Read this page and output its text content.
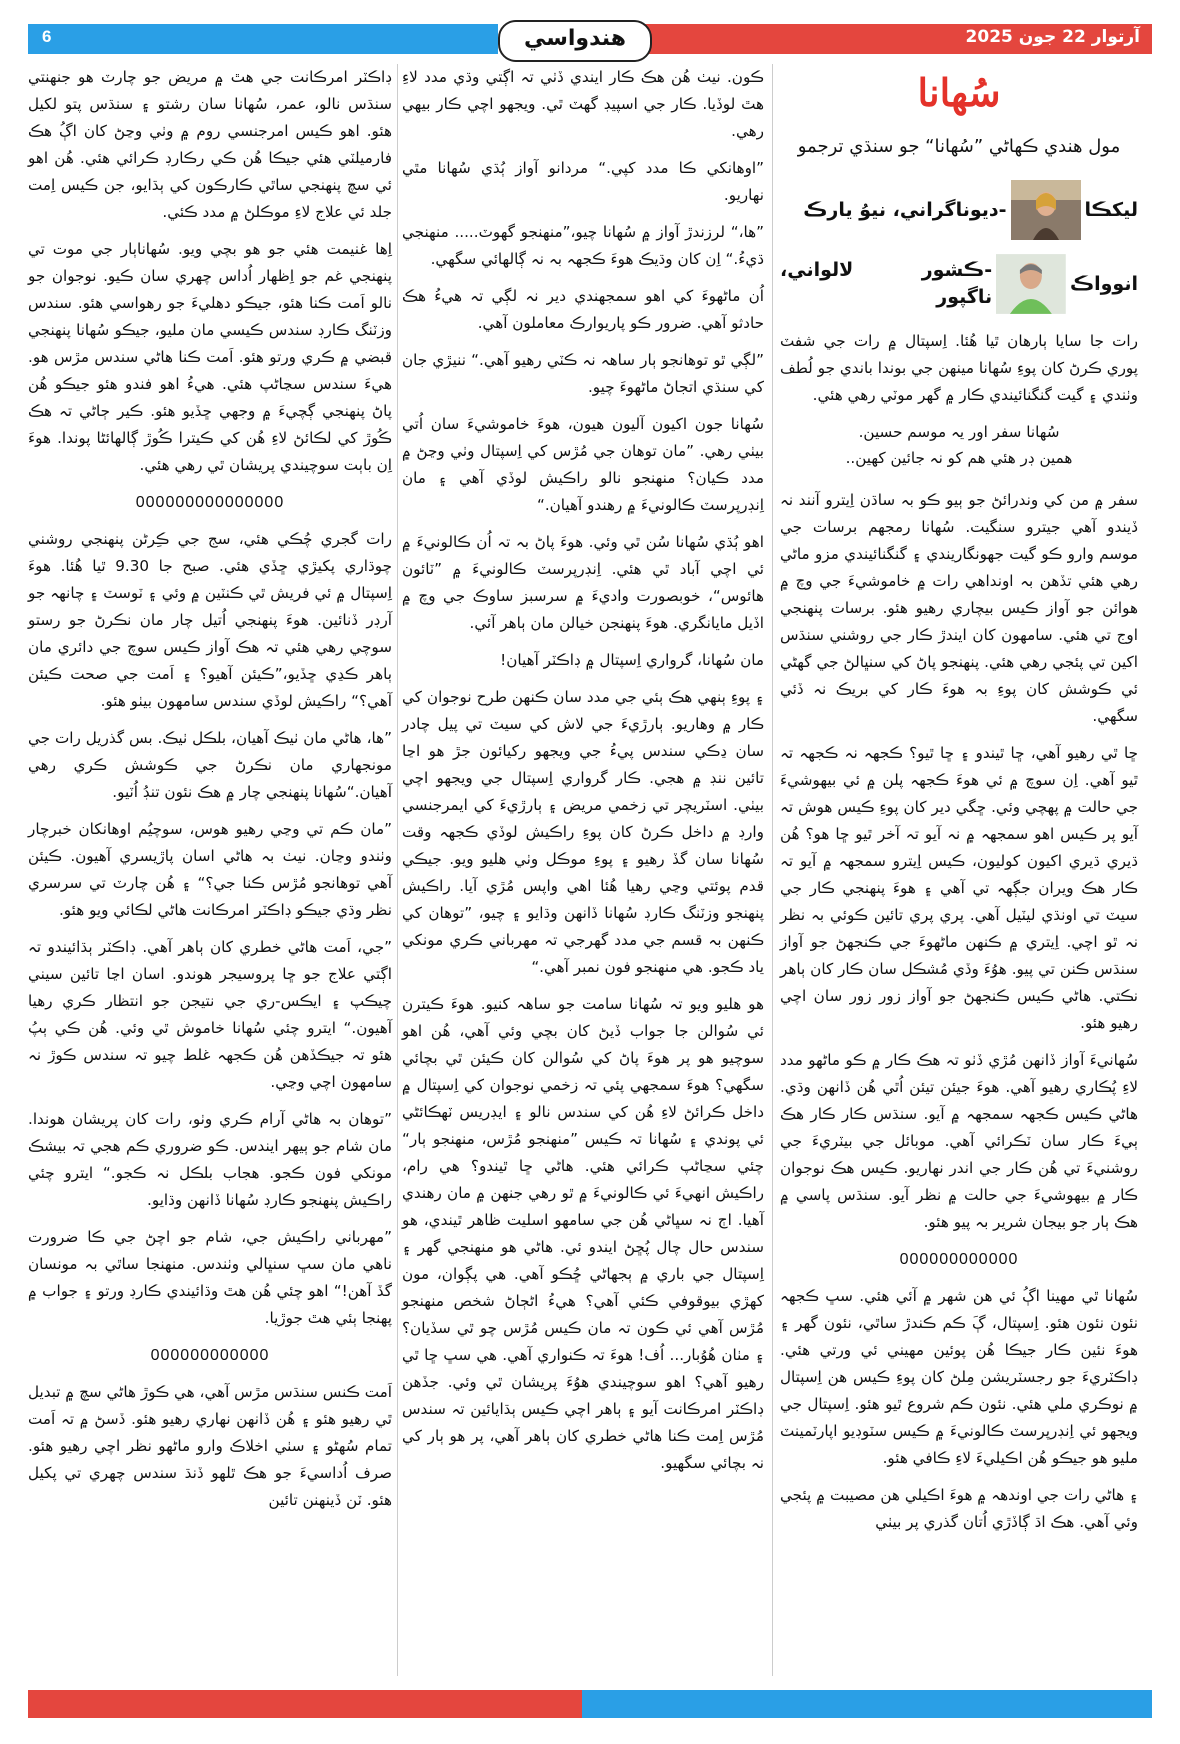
6	آرتوار 22 جون 2025
هندواسي
سُهانا
مول هندي ڪهاڻي ”سُهانا“ جو سنڌي ترجمو
ليکڪا
-ديوناگراني، نيوُ يارڪ
انوواڪ
-ڪشور لالواني، ناگپور

رات جا سايا ٻارهان ٿيا هُئا. اِسپتال ۾ رات جي شفٽ پوري ڪرڻ کان پوءِ سُهانا مينهن جي بوندا باندي جو لُطف وٺندي ۽ گيت گنگنائيندي ڪار ۾ گهر موٽي رهي هئي.

سُهانا سفر اور يہ موسم حسين.
همين ڊر هئي هم کو نہ جائين کهين..

سفر ۾ من کي وندرائڻ جو ٻيو ڪو بہ ساڌن اِيترو آنند نہ ڏيندو آهي جيترو سنگيت. سُهانا رمجهم برسات جي موسم وارو ڪو گيت جهونگاريندي ۽ گنگنائيندي مزو ماڻي رهي هئي تڏهن بہ اونداهي رات ۾ خاموشيءَ جي وچ ۾ هوائن جو آواز ڪيس بيچاري رهيو هئو. برسات پنهنجي اوج تي هئي. سامهون کان ايندڙ ڪار جي روشني سنڌس اکين تي پئجي رهي هئي. پنهنجو پاڻ کي سنڀالڻ جي گهڻي ئي ڪوشش کان پوءِ بہ هوءَ ڪار کي بريڪ نہ ڏئي سگهي.

ڇا ٿي رهيو آهي، ڇا ٿيندو ۽ ڇا ٿيو؟ ڪجهہ نہ ڪجهہ تہ ٿيو آهي. اِن سوچ ۾ ئي هوءَ ڪجهہ پلن ۾ ئي بيهوشيءَ جي حالت ۾ پهچي وئي. ڇگي دير کان پوءِ ڪيس هوش تہ آيو پر ڪيس اهو سمجهہ ۾ نہ آيو تہ آخر ٿيو ڇا هو؟ هُن ڌيري ڌيري اکيون کوليون، ڪيس اِيترو سمجهہ ۾ آيو تہ ڪار هڪ ويران جڳهہ تي آهي ۽ هوءَ پنهنجي ڪار جي سيٽ تي اونڌي ليٽيل آهي. پري پري تائين ڪوئي بہ نظر نہ ٿو اچي. اِيتري ۾ ڪنهن ماڻهوءَ جي ڪنجهڻ جو آواز سنڌس ڪنن تي پيو. هوُءَ وڏي مُشڪل سان ڪار کان ٻاهر نڪتي. هاڻي ڪيس ڪنجهڻ جو آواز زور زور سان اچي رهيو هئو.

سُهانيءَ آواز ڏانهن مُڙي ڏٺو تہ هڪ ڪار ۾ ڪو ماڻهو مدد لاءِ پُڪاري رهيو آهي. هوءَ جيئن تيئن اُٿي هُن ڏانهن وڌي. هاڻي ڪيس ڪجهہ سمجهہ ۾ آيو. سنڌس ڪار ڪار هڪ ٻيءَ ڪار سان ٽڪرائي آهي. موبائل جي بيٽريءَ جي روشنيءَ تي هُن ڪار جي اندر نهاريو. ڪيس هڪ نوجوان ڪار ۾ بيهوشيءَ جي حالت ۾ نظر آيو. سنڌس پاسي ۾ هڪ ٻار جو بيجان شرير بہ پيو هئو.

000000000000

سُهانا ٿي مهينا اڳُ ئي هن شهر ۾ آئي هئي. سڀ ڪجهہ نئون نئون هئو. اِسپتال، ڳَ ڪم ڪندڙ ساٿي، نئون گهر ۽ هوءَ نئين ڪار جيڪا هُن پوئين مهيني ئي ورتي هئي. ڊاڪٽريءَ جو رجسٽريشن مِلڻ کان پوءِ ڪيس هن اِسپتال ۾ نوڪري ملي هئي. نئون ڪم شروع ٿيو هئو. اِسپتال جي ويجهو ئي اِنڊرپرسٽ ڪالونيءَ ۾ ڪيس سٽوڊيو اپارٽمينٽ مليو هو جيڪو هُن اڪيليءَ لاءِ ڪافي هئو.

۽ هاڻي رات جي اوندهہ ۾ هوءَ اڪيلي هن مصيبت ۾ پئجي وئي آهي. هڪ اڌ ڳاڏڙي اُتان گذري پر بيٺي

ڪون. نيٺ هُن هڪ ڪار ايندي ڏٺي تہ اڳتي وڌي مدد لاءِ هٿ لوڏيا. ڪار جي اسپيڊ گهٽ ٿي. ويجهو اچي ڪار بيهي رهي.

”اوهانکي ڪا مدد کپي.“ مردانو آواز ٻُڌي سُهانا مٿي نهاريو.

”ها،“ لرزندڙ آواز ۾ سُهانا چيو،”منهنجو گهوٽ..... منهنجي ڌيءُ.“ اِن کان وڌيڪ هوءَ ڪجهہ بہ نہ ڳالهائي سگهي.

اُن ماڻهوءَ کي اهو سمجهندي دير نہ لڳي تہ هيءُ هڪ حادثو آهي. ضرور ڪو پاريوارڪ معاملون آهي.

”لڳي ٿو توهانجو ٻار ساهہ نہ ڪٽي رهيو آهي.“ ننيڙي جان کي سنڌي اتجاڻ ماڻهوءَ چيو.

سُهانا جون اکيون آليون هيون، هوءَ خاموشيءَ سان اُتي بيٺي رهي. ”مان توهان جي مُڙس کي اِسپتال وٺي وڃڻ ۾ مدد ڪيان؟ منهنجو نالو راڪيش لوڏي آهي ۽ مان اِنڊرپرسٽ ڪالونيءَ ۾ رهندو آهيان.“

اهو ٻُڌي سُهانا سُن ٿي وئي. هوءَ پاڻ بہ تہ اُن ڪالونيءَ ۾ ئي اچي آباد ٿي هئي. اِنڊرپرسٽ ڪالونيءَ ۾ ”ٽائون هائوس“، خوبصورت وادي‌ءَ ۾ سرسبز ساوڪ جي وچ ۾ اڏيل مايانگري. هوءَ پنهنجن خيالن مان ٻاهر آئي.

مان سُهانا، گرواري اِسپتال ۾ ڊاڪٽر آهيان!

۽ پوءِ ٻنهي هڪ ٻئي جي مدد سان ڪنهن طرح نوجوان کي ڪار ۾ وهاريو. ٻارڙيءَ جي لاش کي سيٽ تي پيل چادر سان ڍڪي سندس پيءُ جي ويجهو رکيائون جڙ هو اڃا تائين ننڊ ۾ هجي. ڪار گرواري اِسپتال جي ويجهو اچي بيٺي. اسٽريچر تي زخمي مريض ۽ ٻارڙيءَ کي ايمرجنسي وارڊ ۾ داخل ڪرڻ کان پوءِ راڪيش لوڏي ڪجهہ وقت سُهانا سان گڏ رهيو ۽ پوءِ موڪل وٺي هليو ويو. جيڪي قدم پوئتي وڃي رهيا هُئا اهي واپس مُڙي آيا. راڪيش پنهنجو وزٽنگ ڪارڊ سُهانا ڏانهن وڌايو ۽ چيو، ”توهان کي ڪنهن بہ قسم جي مدد گهرجي تہ مهرباني ڪري مونکي ياد ڪجو. هي منهنجو فون نمبر آهي.“

هو هليو ويو تہ سُهانا سامت جو ساهہ کنيو. هوءَ ڪيترن ئي سُوالن جا جواب ڏيڻ کان بچي وئي آهي، هُن اهو سوچيو هو پر هوءَ پاڻ کي سُوالن کان ڪيئن ٿي بچائي سگهي؟ هوءَ سمجهي پئي تہ زخمي نوجوان کي اِسپتال ۾ داخل ڪرائڻ لاءِ هُن کي سندس نالو ۽ ايڊريس ٽهڪائڻي ئي پوندي ۽ سُهانا تہ ڪيس ”منهنجو مُڙس، منهنجو ٻار“ چئي سڃاڻپ ڪرائي هئي. هاڻي ڇا ٿيندو؟ هي رام، راڪيش انهيءَ ئي ڪالونيءَ ۾ ٿو رهي جنهن ۾ مان رهندي آهيا. اڄ نہ سڀاڻي هُن جي سامهو اسليت ظاهر ٿيندي، هو سندس حال چال پُڇڻ ايندو ئي. هاڻي هو منهنجي گهر ۽ اِسپتال جي باري ۾ ٻجهاڻي ڇُڪو آهي. هي پڳوان، مون کهڙي بيوقوفي ڪئي آهي؟ هيءُ اڻڄاڻ شخص منهنجو مُڙس آهي ئي ڪون تہ مان ڪيس مُڙس چو ٿي سڏيان؟ ۽ مٺان هُوُبار... اُف! هوءَ تہ ڪنواري آهي. هي سڀ ڇا ٿي رهيو آهي؟ اهو سوچيندي هوُءَ پريشان ٿي وئي. جڏهن ڊاڪٽر امرڪانت آيو ۽ ٻاهر اچي ڪيس ٻڌايائين تہ سندس مُڙس اِمت ڪنا هاڻي خطري کان ٻاهر آهي، پر هو ٻار کي نہ بچائي سگهيو.

ڊاڪٽر امرڪانت جي هٿ ۾ مريض جو چارٽ هو جنهنتي سنڌس نالو، عمر، سُهانا سان رشتو ۽ سنڌس پتو لکيل هئو. اهو ڪيس امرجنسي روم ۾ وٺي وڃڻ کان اڳُ هڪ فارميلٽي هئي جيڪا هُن ڪي رڪارڊ ڪرائي هئي. هُن اهو ئي سچ پنهنجي ساٿي ڪارڪون کي ٻڌايو، جن ڪيس اِمت جلد ئي علاج لاءِ موڪلڻ ۾ مدد ڪئي.

اِها غنيمت هئي جو هو بچي ويو. سُهاناٻار جي موت تي پنهنجي غم جو اِظهار اُداس چهري سان ڪيو. نوجوان جو نالو اَمت ڪنا هئو، جيڪو دهليءَ جو رهواسي هئو. سندس وزٽنگ ڪارڊ سندس ڪيسي مان مليو، جيڪو سُهانا پنهنجي قبضي ۾ ڪري ورتو هئو. اَمت ڪنا هاڻي سندس مڙس هو. هيءَ سندس سڃاڻپ هئي. هيءُ اهو فندو هئو جيڪو هُن پاڻ پنهنجي ڳچيءَ ۾ وجهي ڇڏيو هئو. ڪير ڄاڻي تہ هڪ ڪُوڙ کي لڪائڻ لاءِ هُن کي ڪيترا ڪُوڙ ڳالهائڻا پوندا. هوءَ اِن باٻت سوچيندي پريشان ٿي رهي هئي.

000000000000000

رات گجري چُڪي هئي، سج جي ڪِرڻن پنهنجي روشني چوڌاري پکيڙي ڇڏي هئي. صبح جا 9.30 ٿيا هُئا. هوءَ اِسپتال ۾ ئي فريش ٿي ڪنٽين ۾ وئي ۽ ٽوسٽ ۽ چانهہ جو آرڊر ڏنائين. هوءَ پنهنجي اُتيل چار مان نڪرڻ جو رستو سوچي رهي هئي تہ هڪ آواز ڪيس سوچ جي دائري مان ٻاهر ڪڍي ڇڏيو،”ڪيئن آهيو؟ ۽ اَمت جي صحت ڪيئن آهي؟“ راڪيش لوڏي سندس سامهون بيٺو هئو.

”ها، هاڻي مان ٺيڪ آهيان، بلڪل ٺيڪ. بس گذريل رات جي مونجهاري مان نڪرڻ جي ڪوشش ڪري رهي آهيان.“سُهانا پنهنجي چار ۾ هڪ نئون تنڊُ اُٽيو.

”مان ڪم تي وڃي رهيو هوس، سوچيُم اوهانکان خبرچار وٺندو وڃان. نيٺ بہ هاڻي اسان پاڙيسري آهيون. ڪيئن آهي توهانجو مُڙس ڪنا جي؟“ ۽ هُن چارٽ تي سرسري نظر وڌي جيڪو ڊاڪٽر امرڪانت هاڻي لڪائي ويو هئو.

”جي، اَمت هاڻي خطري کان ٻاهر آهي. ڊاڪٽر ٻڌائيندو تہ اڳتي علاج جو ڇا پروسيجر هوندو. اسان اڃا تائين سيني چيڪپ ۽ ايڪس-ري جي نتيجن جو انتظار ڪري رهيا آهيون.“ ايترو چئي سُهانا خاموش ٿي وئي. هُن ڪي ٻپُ هئو تہ جيڪڏهن هُن ڪجهہ غلط چيو تہ سندس ڪوڙ نہ سامهون اچي وڃي.

”توهان بہ هاڻي آرام ڪري وٺو، رات کان پريشان هوندا. مان شام جو ٻيهر ايندس. ڪو ضروري ڪم هجي تہ بيشڪ مونکي فون ڪجو. هجاب بلڪل نہ ڪجو.“ ايترو چئي راڪيش پنهنجو ڪارڊ سُهانا ڏانهن وڌايو.

”مهرباني راڪيش جي، شام جو اچڻ جي ڪا ضرورت ناهي مان سڀ سنڀالي وٺندس. منهنجا ساٿي بہ مونسان گڏ آهن!“ اهو چئي هُن هٿ وڌائيندي ڪارڊ ورتو ۽ جواب ۾ پهنجا ٻئي هٿ جوڙيا.

000000000000

اَمت ڪنس سنڌس مڙس آهي، هي ڪوڙ هاڻي سچ ۾ تبديل ٿي رهيو هئو ۽ هُن ڏانهن نهاري رهيو هئو. ڏسڻ ۾ تہ اَمت تمام سُهڻو ۽ سٺي اخلاڪ وارو ماڻهو نظر اچي رهيو هئو. صرف اُداسيءَ جو هڪ ٿلهو ڏنڌ سندس چهري تي پکيل هئو. ٽن ڏينهنن تائين
